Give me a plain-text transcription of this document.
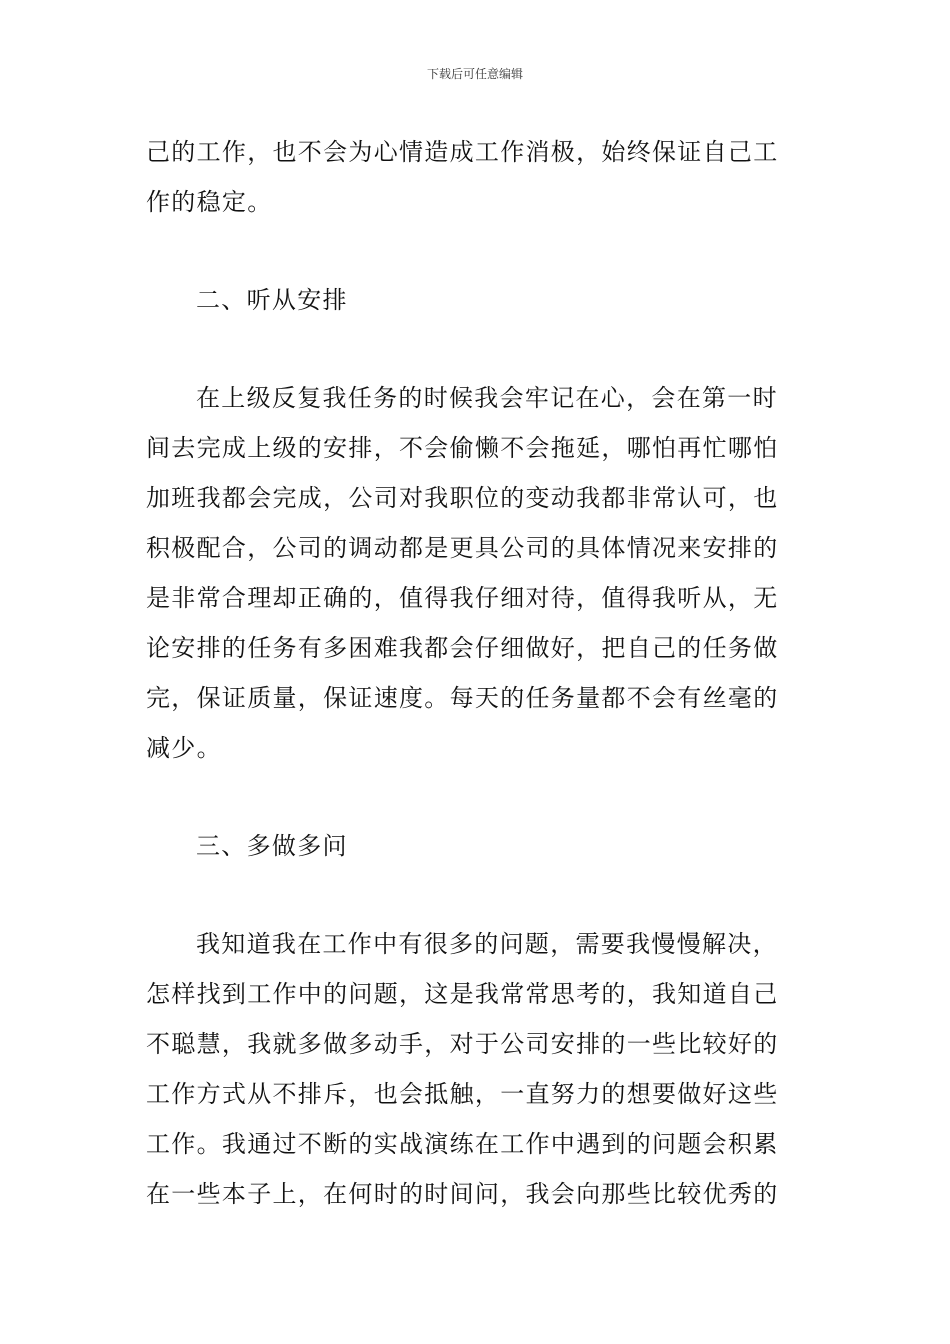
下载后可任意编辑
己的工作，也不会为心情造成工作消极，始终保证自己工
作的稳定。
二、听从安排
在上级反复我任务的时候我会牢记在心，会在第一时
间去完成上级的安排，不会偷懒不会拖延，哪怕再忙哪怕
加班我都会完成，公司对我职位的变动我都非常认可，也
积极配合，公司的调动都是更具公司的具体情况来安排的
是非常合理却正确的，值得我仔细对待，值得我听从，无
论安排的任务有多困难我都会仔细做好，把自己的任务做
完，保证质量，保证速度。每天的任务量都不会有丝毫的
减少。
三、多做多问
我知道我在工作中有很多的问题，需要我慢慢解决，
怎样找到工作中的问题，这是我常常思考的，我知道自己
不聪慧，我就多做多动手，对于公司安排的一些比较好的
工作方式从不排斥，也会抵触，一直努力的想要做好这些
工作。我通过不断的实战演练在工作中遇到的问题会积累
在一些本子上，在何时的时间问，我会向那些比较优秀的
